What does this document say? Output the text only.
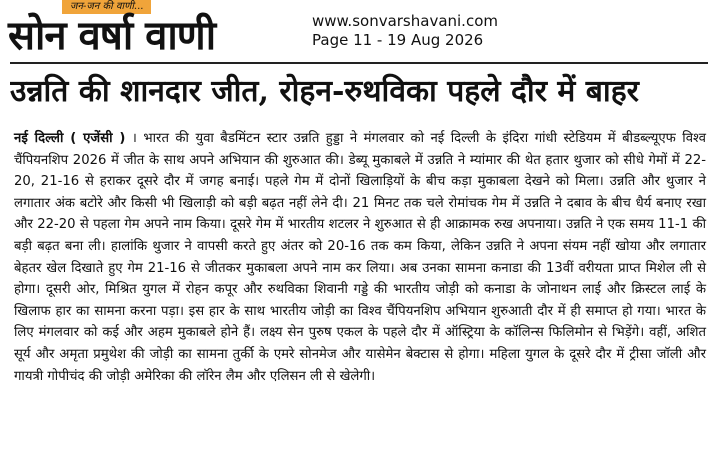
जन-जन की वाणी...
सोन वर्षा वाणी	www.sonvarshavani.com
Page 11 - 19 Aug 2026
उन्नति की शानदार जीत, रोहन-रुथविका पहले दौर में बाहर
नई दिल्ली ( एजेंसी ) । भारत की युवा बैडमिंटन स्टार उन्नति हुड्डा ने मंगलवार को नई दिल्ली के इंदिरा गांधी स्टेडियम में बीडब्ल्यूएफ विश्व चैंपियनशिप 2026 में जीत के साथ अपने अभियान की शुरुआत की। डेब्यू मुकाबले में उन्नति ने म्यांमार की थेत हतार थुजार को सीधे गेमों में 22-20, 21-16 से हराकर दूसरे दौर में जगह बनाई। पहले गेम में दोनों खिलाड़ियों के बीच कड़ा मुकाबला देखने को मिला। उन्नति और थुजार ने लगातार अंक बटोरे और किसी भी खिलाड़ी को बड़ी बढ़त नहीं लेने दी। 21 मिनट तक चले रोमांचक गेम में उन्नति ने दबाव के बीच धैर्य बनाए रखा और 22-20 से पहला गेम अपने नाम किया। दूसरे गेम में भारतीय शटलर ने शुरुआत से ही आक्रामक रुख अपनाया। उन्नति ने एक समय 11-1 की बड़ी बढ़त बना ली। हालांकि थुजार ने वापसी करते हुए अंतर को 20-16 तक कम किया, लेकिन उन्नति ने अपना संयम नहीं खोया और लगातार बेहतर खेल दिखाते हुए गेम 21-16 से जीतकर मुकाबला अपने नाम कर लिया। अब उनका सामना कनाडा की 13वीं वरीयता प्राप्त मिशेल ली से होगा। दूसरी ओर, मिश्रित युगल में रोहन कपूर और रुथविका शिवानी गड्डे की भारतीय जोड़ी को कनाडा के जोनाथन लाई और क्रिस्टल लाई के खिलाफ हार का सामना करना पड़ा। इस हार के साथ भारतीय जोड़ी का विश्व चैंपियनशिप अभियान शुरुआती दौर में ही समाप्त हो गया। भारत के लिए मंगलवार को कई और अहम मुकाबले होने हैं। लक्ष्य सेन पुरुष एकल के पहले दौर में ऑस्ट्रिया के कॉलिन्स फिलिमोन से भिड़ेंगे। वहीं, अशित सूर्य और अमृता प्रमुथेश की जोड़ी का सामना तुर्की के एमरे सोनमेज और यासेमेन बेक्टास से होगा। महिला युगल के दूसरे दौर में ट्रीसा जॉली और गायत्री गोपीचंद की जोड़ी अमेरिका की लॉरेन लैम और एलिसन ली से खेलेगी।
